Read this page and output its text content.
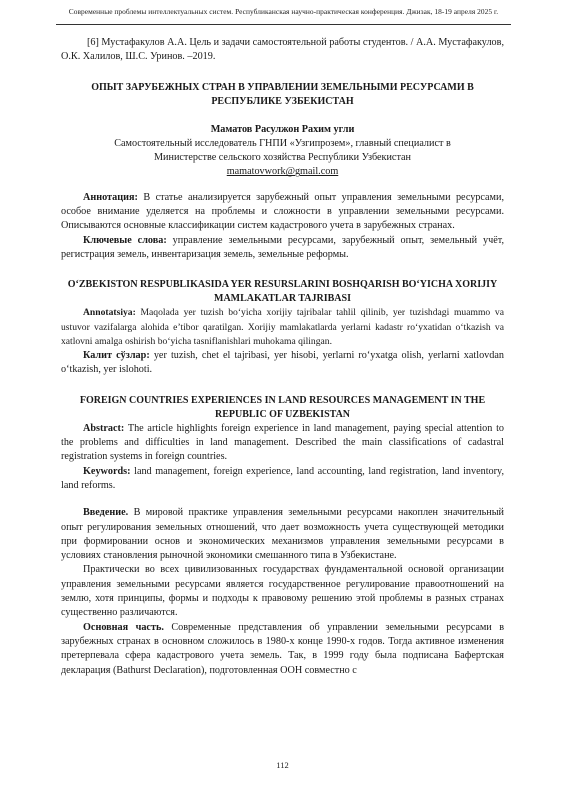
Современные проблемы интеллектуальных систем. Республиканская научно-практическая конференция. Джизак, 18-19 апреля 2025 г.

[6] Мустафакулов А.А. Цель и задачи самостоятельной работы студентов. / А.А. Мустафакулов, О.К. Халилов, Ш.С. Уринов. –2019.

ОПЫТ ЗАРУБЕЖНЫХ СТРАН В УПРАВЛЕНИИ ЗЕМЕЛЬНЫМИ РЕСУРСАМИ В РЕСПУБЛИКЕ УЗБЕКИСТАН

Маматов Расулжон Рахим угли

Самостоятельный исследователь ГНПИ «Узгипрозем», главный специалист в

Министерстве сельского хозяйства Республики Узбекистан

mamatovwork@gmail.com

Аннотация: В статье анализируется зарубежный опыт управления земельными ресурсами, особое внимание уделяется на проблемы и сложности в управлении земельными ресурсами. Описываются основные классификации систем кадастрового учета в зарубежных странах.

Ключевые слова: управление земельными ресурсами, зарубежный опыт, земельный учёт, регистрация земель, инвентаризация земель, земельные реформы.

O‘ZBEKISTON RESPUBLIKASIDA YER RESURSLARINI BOSHQARISH BO‘YICHA XORIJIY MAMLAKATLAR TAJRIBASI

Annotatsiya: Maqolada yer tuzish bo‘yicha xorijiy tajribalar tahlil qilinib, yer tuzishdagi muammo va ustuvor vazifalarga alohida e’tibor qaratilgan. Xorijiy mamlakatlarda yerlarni kadastr ro‘yxatidan o‘tkazish va xatlovni amalga oshirish bo‘yicha tasniflanishlari muhokama qilingan.

Калит сўзлар: yer tuzish, chet el tajribasi, yer hisobi, yerlarni ro‘yxatga olish, yerlarni xatlovdan o‘tkazish, yer islohoti.

FOREIGN COUNTRIES EXPERIENCES IN LAND RESOURCES MANAGEMENT IN THE REPUBLIC OF UZBEKISTAN

Abstract: The article highlights foreign experience in land management, paying special attention to the problems and difficulties in land management. Described the main classifications of cadastral registration systems in foreign countries.

Keywords: land management, foreign experience, land accounting, land registration, land inventory, land reforms.

Введение. В мировой практике управления земельными ресурсами накоплен значительный опыт регулирования земельных отношений, что дает возможность учета существующей методики при формировании основ и экономических механизмов управления земельными ресурсами в условиях становления рыночной экономики смешанного типа в Узбекистане.

Практически во всех цивилизованных государствах фундаментальной основой организации управления земельными ресурсами является государственное регулирование правоотношений на землю, хотя принципы, формы и подходы к правовому решению этой проблемы в разных странах существенно различаются.

Основная часть. Современные представления об управлении земельными ресурсами в зарубежных странах в основном сложилось в 1980-х конце 1990-х годов. Тогда активное изменения претерпевала сфера кадастрового учета земель. Так, в 1999 году была подписана Бафертская декларация (Bathurst Declaration), подготовленная ООН совместно с

112
